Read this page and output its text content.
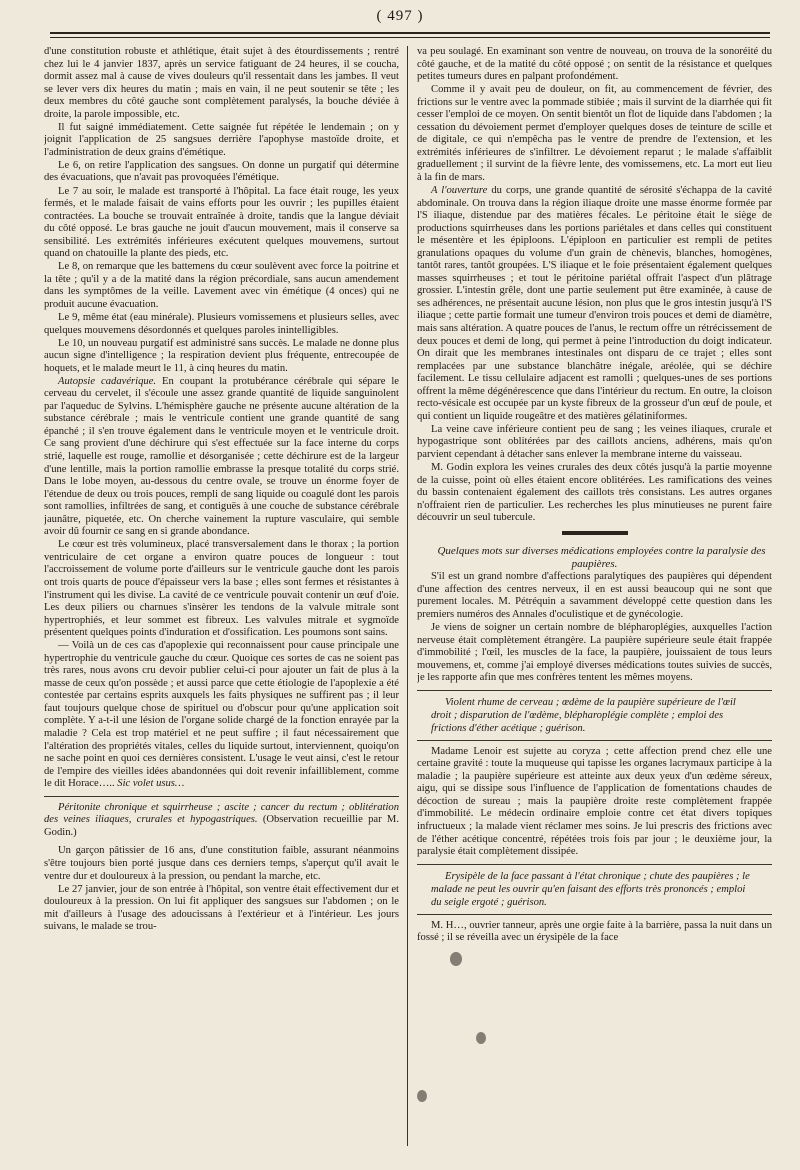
( 497 )

d'une constitution robuste et athlétique, était sujet à des étourdissements ; rentré chez lui le 4 janvier 1837, après un service fatiguant de 24 heures, il se coucha, dormit assez mal à cause de vives douleurs qu'il ressentait dans les jambes. Il veut se lever vers dix heures du matin ; mais en vain, il ne peut soutenir se tête ; les deux membres du côté gauche sont complètement paralysés, la bouche déviée à droite, la parole impossible, etc.

Il fut saigné immédiatement. Cette saignée fut répétée le lendemain ; on y joignit l'application de 25 sangsues derrière l'apophyse mastoïde droite, et l'administration de deux grains d'émétique.

Le 6, on retire l'application des sangsues. On donne un purgatif qui détermine des évacuations, que n'avait pas provoquées l'émétique.

Le 7 au soir, le malade est transporté à l'hôpital. La face était rouge, les yeux fermés, et le malade faisait de vains efforts pour les ouvrir ; les pupilles étaient contractées. La bouche se trouvait entraînée à droite, tandis que la langue déviait du côté opposé. Le bras gauche ne jouit d'aucun mouvement, mais il conserve sa sensibilité. Les extrémités inférieures exécutent quelques mouvemens, surtout quand on chatouille la plante des pieds, etc.

Le 8, on remarque que les battemens du cœur soulèvent avec force la poitrine et la tête ; qu'il y a de la matité dans la région précordiale, sans aucun amendement dans les symptômes de la veille. Lavement avec vin émétique (4 onces) qui ne produit aucune évacuation.

Le 9, même état (eau minérale). Plusieurs vomissemens et plusieurs selles, avec quelques mouvemens désordonnés et quelques paroles inintelligibles.

Le 10, un nouveau purgatif est administré sans succès. Le malade ne donne plus aucun signe d'intelligence ; la respiration devient plus fréquente, entrecoupée de hoquets, et le malade meurt le 11, à cinq heures du matin.

Autopsie cadavérique. En coupant la protubérance cérébrale qui sépare le cerveau du cervelet, il s'écoule une assez grande quantité de liquide sanguinolent par l'aqueduc de Sylvins. L'hémisphère gauche ne présente aucune altération de la substance cérébrale ; mais le ventricule contient une grande quantité de sang épanché ; il s'en trouve également dans le ventricule moyen et le ventricule droit. Ce sang provient d'une déchirure qui s'est effectuée sur la face interne du corps strié, laquelle est rouge, ramollie et désorganisée ; cette déchirure est de la largeur d'une lentille, mais la portion ramollie embrasse la presque totalité du corps strié. Dans le lobe moyen, au-dessous du centre ovale, se trouve un énorme foyer de l'étendue de deux ou trois pouces, rempli de sang liquide ou coagulé dont les parois sont ramollies, infiltrées de sang, et contiguës à une couche de substance cérébrale jaunâtre, piquetée, etc. On cherche vainement la rupture vasculaire, qui semble avoir dû fournir ce sang en si grande abondance.

Le cœur est très volumineux, placé transversalement dans le thorax ; la portion ventriculaire de cet organe a environ quatre pouces de longueur : tout l'accroissement de volume porte d'ailleurs sur le ventricule gauche dont les parois ont trois quarts de pouce d'épaisseur vers la base ; elles sont fermes et résistantes à l'instrument qui les divise. La cavité de ce ventricule pouvait contenir un œuf d'oie. Les deux piliers ou charnues s'insèrer les tendons de la valvule mitrale sont hypertrophiés, et leur sommet est fibreux. Les valvules mitrale et sygmoïde présentent quelques points d'induration et d'ossification. Les poumons sont sains.

— Voilà un de ces cas d'apoplexie qui reconnaissent pour cause principale une hypertrophie du ventricule gauche du cœur. Quoique ces sortes de cas ne soient pas très rares, nous avons cru devoir publier celui-ci pour ajouter un fait de plus à la masse de ceux qu'on possède ; et aussi parce que cette étiologie de l'apoplexie a été contestée par certains esprits auxquels les faits physiques ne suffirent pas ; il leur faut toujours quelque chose de spirituel ou d'obscur pour qu'une application soit complète. Y a-t-il une lésion de l'organe solide chargé de la fonction enrayée par la maladie ? Cela est trop matériel et ne peut suffire ; il faut nécessairement que l'altération des propriétés vitales, celles du liquide surtout, interviennent, quoiqu'on ne sache point en quoi ces dernières consistent. L'usage le veut ainsi, c'est le retour de l'empire des vieilles idées abandonnées qui doit revenir infailliblement, comme le dit Horace….. Sic volet usus…

Péritonite chronique et squirrheuse ; ascite ; cancer du rectum ; oblitération des veines iliaques, crurales et hypogastriques. (Observation recueillie par M. Godin.)

Un garçon pâtissier de 16 ans, d'une constitution faible, assurant néanmoins s'être toujours bien porté jusque dans ces derniers temps, s'aperçut qu'il avait le ventre dur et douloureux à la pression, ou pendant la marche, etc.

Le 27 janvier, jour de son entrée à l'hôpital, son ventre était effectivement dur et douloureux à la pression. On lui fit appliquer des sangsues sur l'abdomen ; on le mit d'ailleurs à l'usage des adoucissans à l'extérieur et à l'intérieur. Les jours suivans, le malade se trou-

va peu soulagé. En examinant son ventre de nouveau, on trouva de la sonoréité du côté gauche, et de la matité du côté opposé ; on sentit de la résistance et quelques petites tumeurs dures en palpant profondément.

Comme il y avait peu de douleur, on fit, au commencement de février, des frictions sur le ventre avec la pommade stibiée ; mais il survint de la diarrhée qui fit cesser l'emploi de ce moyen. On sentit bientôt un flot de liquide dans l'abdomen ; la cessation du dévoiement permet d'employer quelques doses de teinture de scille et de digitale, ce qui n'empêcha pas le ventre de prendre de l'extension, et les extrémités inférieures de s'infiltrer. Le dévoiement reparut ; le malade s'affaiblit graduellement ; il survint de la fièvre lente, des vomissemens, etc. La mort eut lieu à la fin de mars.

A l'ouverture du corps, une grande quantité de sérosité s'échappa de la cavité abdominale. On trouva dans la région iliaque droite une masse énorme formée par l'S iliaque, distendue par des matières fécales. Le péritoine était le siège de productions squirrheuses dans les portions pariétales et dans celles qui constituent le mésentère et les épiploons. L'épiploon en particulier est rempli de petites granulations opaques du volume d'un grain de chènevis, blanches, homogènes, tantôt rares, tantôt groupées. L'S iliaque et le foie présentaient également quelques masses squirrheuses ; et tout le péritoine pariétal offrait l'aspect d'un plâtrage grossier. L'intestin grêle, dont une partie seulement put être examinée, à cause de ses adhérences, ne présentait aucune lésion, non plus que le gros intestin jusqu'à l'S iliaque ; cette partie formait une tumeur d'environ trois pouces et demi de diamètre, mais sans altération. A quatre pouces de l'anus, le rectum offre un rétrécissement de deux pouces et demi de long, qui permet à peine l'introduction du doigt indicateur. On dirait que les membranes intestinales ont disparu de ce trajet ; elles sont remplacées par une substance blanchâtre inégale, aréolée, qui se déchire facilement. Le tissu cellulaire adjacent est ramolli ; quelques-unes de ses portions offrent la même dégénérescence que dans l'intérieur du rectum. En outre, la cloison recto-vésicale est occupée par un kyste fibreux de la grosseur d'un œuf de poule, et qui contient un liquide rougeâtre et des matières gélatiniformes.

La veine cave inférieure contient peu de sang ; les veines iliaques, crurale et hypogastrique sont oblitérées par des caillots anciens, adhérens, mais qu'on parvient cependant à détacher sans enlever la membrane interne du vaisseau.

M. Godin explora les veines crurales des deux côtés jusqu'à la partie moyenne de la cuisse, point où elles étaient encore oblitérées. Les ramifications des veines du bassin contenaient également des caillots très consistans. Les autres organes n'offraient rien de particulier. Les recherches les plus minutieuses ne purent faire découvrir un seul tubercule.

Quelques mots sur diverses médications employées contre la paralysie des paupières.

S'il est un grand nombre d'affections paralytiques des paupières qui dépendent d'une affection des centres nerveux, il en est aussi beaucoup qui ne sont que purement locales. M. Pétréquin a savamment développé cette question dans les premiers numéros des Annales d'oculistique et de gynécologie.

Je viens de soigner un certain nombre de blépharoplégies, auxquelles l'action nerveuse était complètement étrangère. La paupière supérieure seule était frappée d'immobilité ; l'œil, les muscles de la face, la paupière, jouissaient de tous leurs mouvemens, et, comme j'ai employé diverses médications toutes suivies de succès, je les rapporte afin que mes confrères tentent les mêmes moyens.

Violent rhume de cerveau ; œdème de la paupière supérieure de l'œil droit ; disparution de l'œdème, blépharoplégie complète ; emploi des frictions d'éther acétique ; guérison.

Madame Lenoir est sujette au coryza ; cette affection prend chez elle une certaine gravité : toute la muqueuse qui tapisse les organes lacrymaux participe à la maladie ; la paupière supérieure est atteinte aux deux yeux d'un œdème séreux, aigu, qui se dissipe sous l'influence de l'application de fomentations chaudes de décoction de sureau ; mais la paupière droite reste complètement frappée d'immobilité. Le médecin ordinaire emploie contre cet état divers topiques infructueux ; la malade vient réclamer mes soins. Je lui prescris des frictions avec de l'éther acétique concentré, répétées trois fois par jour ; le deuxième jour, la paralysie était complètement dissipée.

Erysipèle de la face passant à l'état chronique ; chute des paupières ; le malade ne peut les ouvrir qu'en faisant des efforts très prononcés ; emploi du seigle ergoté ; guérison.

M. H…, ouvrier tanneur, après une orgie faite à la barrière, passa la nuit dans un fossé ; il se réveilla avec un érysipèle de la face
